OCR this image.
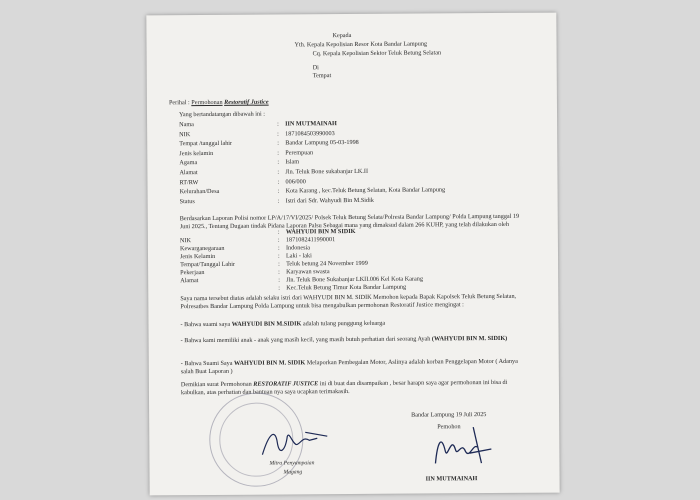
Kepada
Yth. Kepala Kepolisian Resor Kota Bandar Lampung
Cq. Kepala Kepolisian Sektor Teluk Betung Selatan
Di
Tempat
Perihal : Permohonan Restoratif Justice
Yang bertandatangan dibawah ini :
Nama	: IIN MUTMAINAH
NIK	: 1871084503990003
Tempat /tanggal lahir	: Bandar Lampung 05-03-1998
Jenis kelamin	: Perempuan
Agama	: Islam
Alamat	: Jln. Teluk Bone sukabanjar LK.II
RT/RW	: 006/000
Kelurahan/Desa	: Kota Karang , kec.Teluk Betung Selatan, Kota Bandar Lampung
Status	: Istri dari Sdr. Wahyudi Bin M.Sidik
Berdasarkan Laporan Polisi nomor LP/A/17/VI/2025/ Polsek Teluk Betung Selata/Polresta Bandar Lampung/ Polda Lampung tanggal 19 Juni 2025., Tentang Dugaan tindak Pidana Laporan Palsu Sebagai mana yang dimaksud dalam 266 KUHP, yang telah dilakukan oleh
: WAHYUDI BIN M SIDIK
NIK	: 1871082411990001
Kewarganegaraan	: Indonesia
Jenis Kelamin	: Laki - laki
Tempat/Tanggal Lahir	: Teluk betung 24 November 1999
Pekerjaan	: Karyawan swasta
Alamat	: Jln. Teluk Bone Sukabanjar LKII.006 Kel Kota Karang
: Kec.Teluk Betung Timur Kota Bandar Lampung
Saya nama tersebut diatas adalah selaku istri dari WAHYUDI BIN M. SIDIK Memohon kepada Bapak Kapolsek Teluk Betung Selatan, Polresatbes Bandar Lampung Polda Lampung untuk bisa mengabulkan permohonan Restoratif Justice mengingat :
- Bahwa suami saya WAHYUDI BIN M.SIDIK adalah tulang punggung keluarga
- Bahwa kami memiliki anak - anak yang masih kecil, yang masih butuh perhatian dari seorang Ayah (WAHYUDI BIN M. SIDIK)
- Bahwa Suami Saya WAHYUDI BIN M. SIDIK Melaporkan Pembegalan Motor, Aslinya adalah korban Penggelapan Motor ( Adanya salah Buat Laporan )
Demikian surat Permohonan RESTORATIF JUSTICE ini di buat dan disampaikan , besar harapn saya agar permohonan ini bisa di kabulkan, atas perhatian dan bantuan nya saya ucapkan terimakasih.
Bandar Lampung 19 Juli 2025
Pemohon
Mitra Penyampaian
Magang
IIN MUTMAINAH
